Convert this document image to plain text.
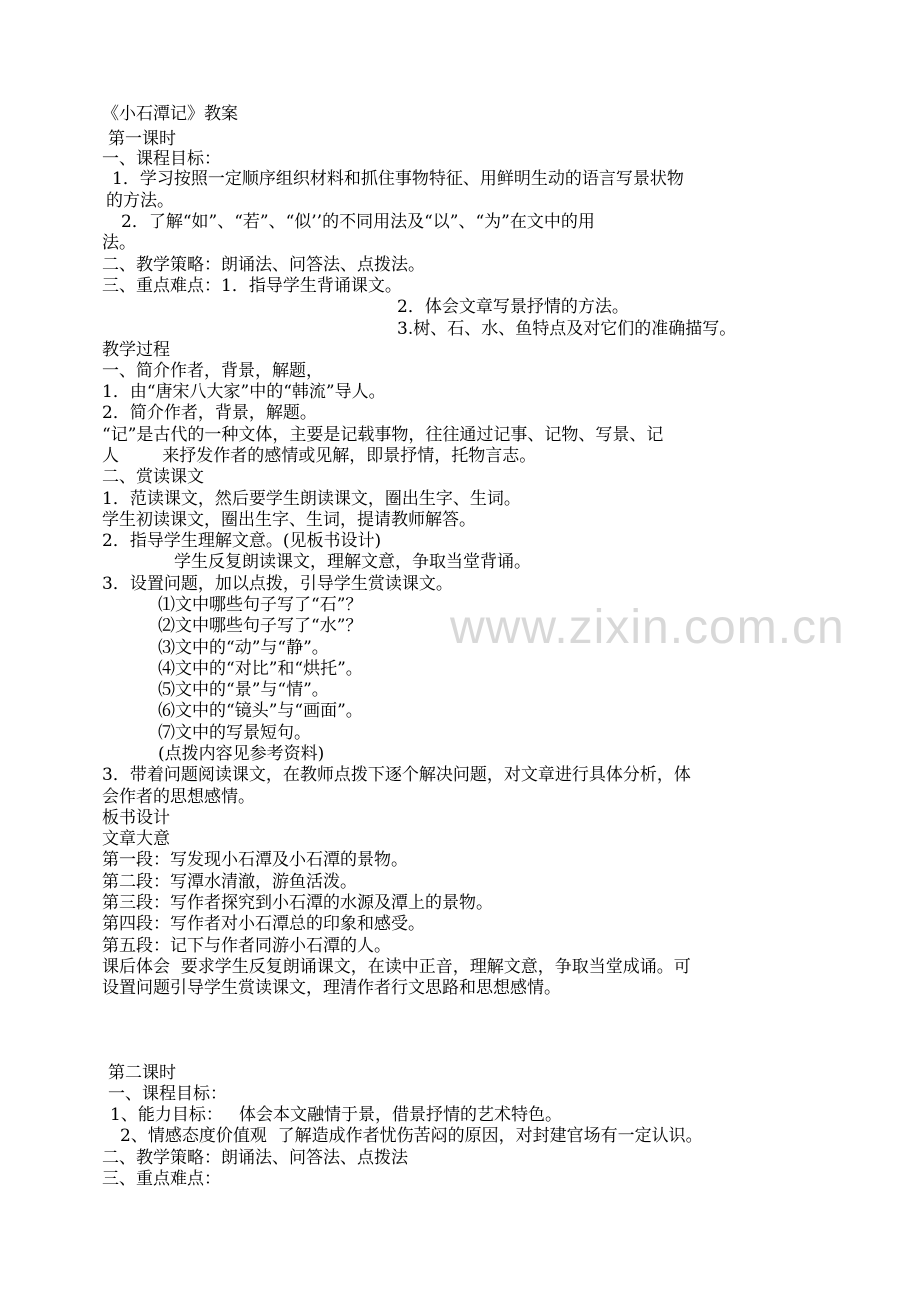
www.zixin.com.cn
《小石潭记》教案
第一课时
一、课程目标：
1．学习按照一定顺序组织材料和抓住事物特征、用鲜明生动的语言写景状物
的方法。
2．了解“如”、“若”、“似’’的不同用法及“以”、“为”在文中的用
法。
二、教学策略：朗诵法、问答法、点拨法。
三、重点难点：1．指导学生背诵课文。
2．体会文章写景抒情的方法。
3.树、石、水、鱼特点及对它们的准确描写。
教学过程
一、简介作者，背景，解题，
1．由“唐宋八大家”中的“韩流”导人。
2．简介作者，背景，解题。
“记”是古代的一种文体，主要是记载事物，往往通过记事、记物、写景、记
人        来抒发作者的感情或见解，即景抒情，托物言志。
二、赏读课文
1．范读课文，然后要学生朗读课文，圈出生字、生词。
学生初读课文，圈出生字、生词，提请教师解答。
2．指导学生理解文意。(见板书设计)
学生反复朗读课文，理解文意，争取当堂背诵。
3．设置问题，加以点拨，引导学生赏读课文。
⑴文中哪些句子写了“石”？
⑵文中哪些句子写了“水”？
⑶文中的“动”与“静”。
⑷文中的“对比”和“烘托”。
⑸文中的“景”与“情”。
⑹文中的“镜头”与“画面”。
⑺文中的写景短句。
(点拨内容见参考资料)
3．带着问题阅读课文，在教师点拨下逐个解决问题，对文章进行具体分析，体
会作者的思想感情。
板书设计
文章大意
第一段：写发现小石潭及小石潭的景物。
第二段：写潭水清澈，游鱼活泼。
第三段：写作者探究到小石潭的水源及潭上的景物。
第四段：写作者对小石潭总的印象和感受。
第五段：记下与作者同游小石潭的人。
课后体会  要求学生反复朗诵课文，在读中正音，理解文意，争取当堂成诵。可
设置问题引导学生赏读课文，理清作者行文思路和思想感情。
第二课时
一、课程目标：
1、能力目标：   体会本文融情于景，借景抒情的艺术特色。
2、情感态度价值观  了解造成作者忧伤苦闷的原因，对封建官场有一定认识。
二、教学策略：朗诵法、问答法、点拨法
三、重点难点：
